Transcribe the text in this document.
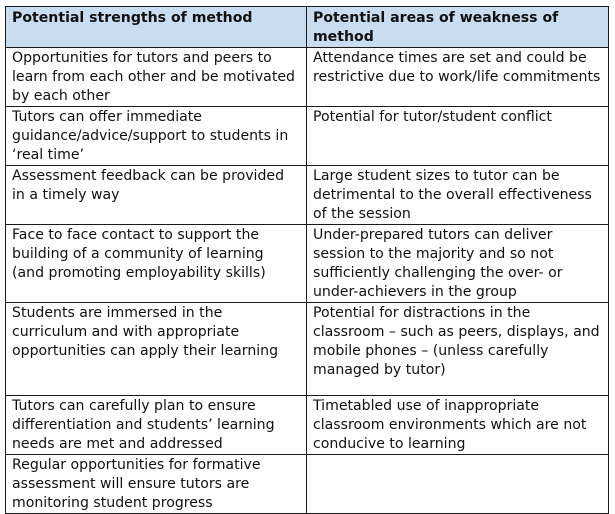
Potential strengths of method	Potential areas of weakness of method
Opportunities for tutors and peers to learn from each other and be motivated by each other	Attendance times are set and could be restrictive due to work/life commitments
Tutors can offer immediate guidance/advice/support to students in ‘real time’	Potential for tutor/student conflict
Assessment feedback can be provided in a timely way	Large student sizes to tutor can be detrimental to the overall effectiveness of the session
Face to face contact to support the building of a community of learning (and promoting employability skills)	Under-prepared tutors can deliver session to the majority and so not sufficiently challenging the over- or under-achievers in the group
Students are immersed in the curriculum and with appropriate opportunities can apply their learning	Potential for distractions in the classroom – such as peers, displays, and mobile phones – (unless carefully managed by tutor)
Tutors can carefully plan to ensure differentiation and students’ learning needs are met and addressed	Timetabled use of inappropriate classroom environments which are not conducive to learning
Regular opportunities for formative assessment will ensure tutors are monitoring student progress	
